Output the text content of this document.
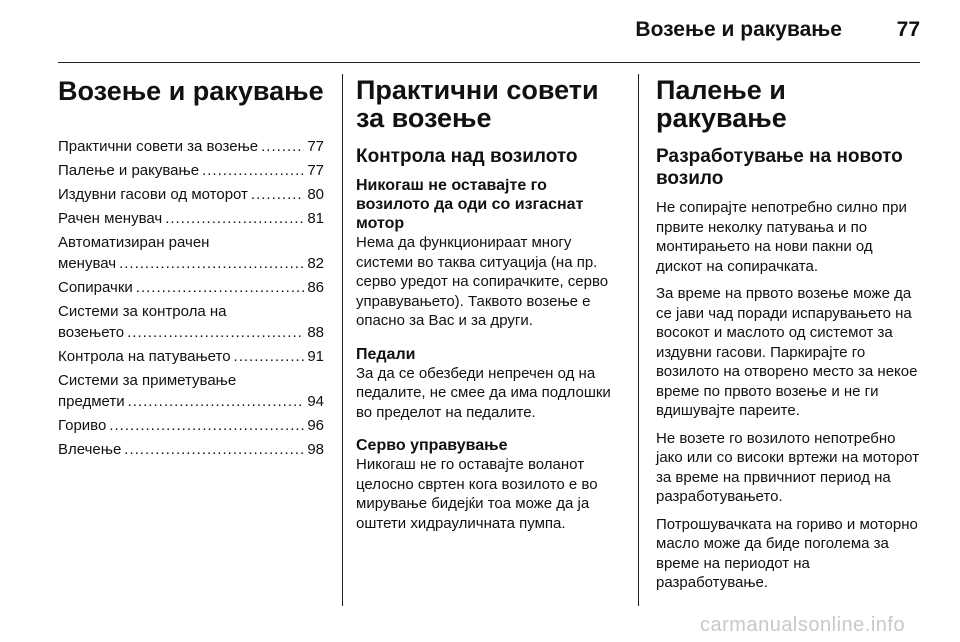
Возење и ракување	77
Возење и ракување
Практични совети за возење .....	77
Палење и ракување .....	77
Издувни гасови од моторот .....	80
Рачен менувач .....	81
Автоматизиран рачен
менувач .....	82
Сопирачки .....	86
Системи за контрола на
возењето .....	88
Контрола на патувањето .....	91
Системи за приметување
предмети .....	94
Гориво .....	96
Влечење .....	98
Практични совети за возење
Контрола над возилото
Никогаш не оставајте го возилото да оди со изгаснат мотор

Нема да функционираат многу системи во таква ситуација (на пр. серво уредот на сопирачките, серво управувањето). Таквото возење е опасно за Вас и за други.

Педали

За да се обезбеди непречен од на педалите, не смее да има подлошки во пределот на педалите.

Серво управување

Никогаш не го оставајте воланот целосно свртен кога возилото е во мирување бидејќи тоа може да ја оштети хидрауличната пумпа.

Палење и ракување
Разработување на новото возило

Не сопирајте непотребно силно при првите неколку патувања и по монтирањето на нови пакни од дискот на сопирачката.

За време на првото возење може да се јави чад поради испарувањето на восокот и маслото од системот за издувни гасови. Паркирајте го возилото на отворено место за некое време по првото возење и не ги вдишувајте пареите.

Не возете го возилото непотребно јако или со високи вртежи на моторот за време на првичниот период на разработувањето.

Потрошувачката на гориво и моторно масло може да биде поголема за време на периодот на разработување.

carmanualsonline.info
